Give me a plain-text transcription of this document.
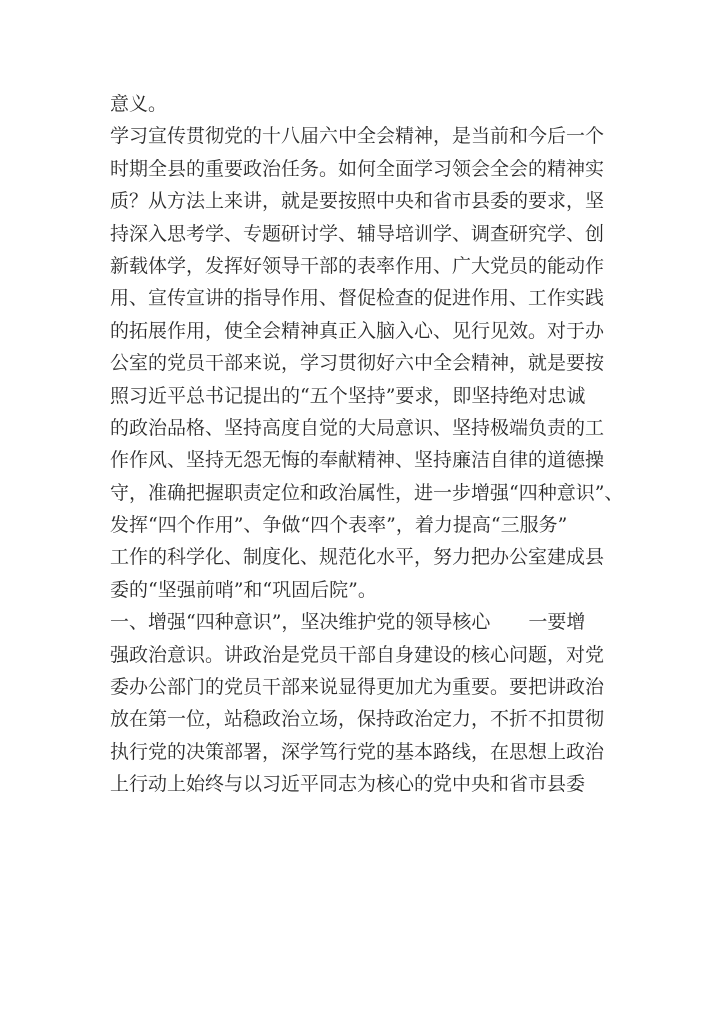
意义。
学习宣传贯彻党的十八届六中全会精神，是当前和今后一个
时期全县的重要政治任务。如何全面学习领会全会的精神实
质？从方法上来讲，就是要按照中央和省市县委的要求，坚
持深入思考学、专题研讨学、辅导培训学、调查研究学、创
新载体学，发挥好领导干部的表率作用、广大党员的能动作
用、宣传宣讲的指导作用、督促检查的促进作用、工作实践
的拓展作用，使全会精神真正入脑入心、见行见效。对于办
公室的党员干部来说，学习贯彻好六中全会精神，就是要按
照习近平总书记提出的“五个坚持”要求，即坚持绝对忠诚
的政治品格、坚持高度自觉的大局意识、坚持极端负责的工
作作风、坚持无怨无悔的奉献精神、坚持廉洁自律的道德操
守，准确把握职责定位和政治属性，进一步增强“四种意识”、
发挥“四个作用”、争做“四个表率”，着力提高“三服务”
工作的科学化、制度化、规范化水平，努力把办公室建成县
委的“坚强前哨”和“巩固后院”。
一、增强“四种意识”，坚决维护党的领导核心　　一要增
强政治意识。讲政治是党员干部自身建设的核心问题，对党
委办公部门的党员干部来说显得更加尤为重要。要把讲政治
放在第一位，站稳政治立场，保持政治定力，不折不扣贯彻
执行党的决策部署，深学笃行党的基本路线，在思想上政治
上行动上始终与以习近平同志为核心的党中央和省市县委
